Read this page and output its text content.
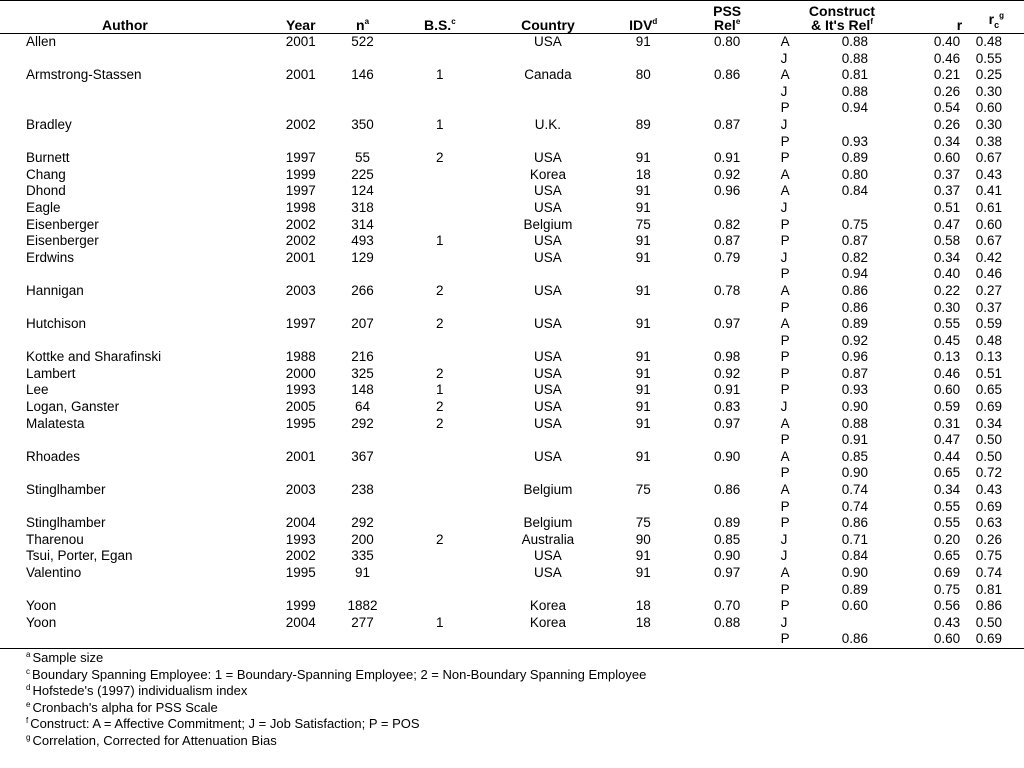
Author	Year	$n^a$	B.S.$^c$	Country	IDV$^d$	PSS
Rel$^e$	Construct
& It's Rel$^f$		r	$r_c^g$
Allen	2001	522		USA	91	0.80	A	0.88	0.40	0.48
							J	0.88	0.46	0.55
Armstrong-Stassen	2001	146	1	Canada	80	0.86	A	0.81	0.21	0.25
							J	0.88	0.26	0.30
							P	0.94	0.54	0.60
Bradley	2002	350	1	U.K.	89	0.87	J		0.26	0.30
							P	0.93	0.34	0.38
Burnett	1997	55	2	USA	91	0.91	P	0.89	0.60	0.67
Chang	1999	225		Korea	18	0.92	A	0.80	0.37	0.43
Dhond	1997	124		USA	91	0.96	A	0.84	0.37	0.41
Eagle	1998	318		USA	91		J		0.51	0.61
Eisenberger	2002	314		Belgium	75	0.82	P	0.75	0.47	0.60
Eisenberger	2002	493	1	USA	91	0.87	P	0.87	0.58	0.67
Erdwins	2001	129		USA	91	0.79	J	0.82	0.34	0.42
							P	0.94	0.40	0.46
Hannigan	2003	266	2	USA	91	0.78	A	0.86	0.22	0.27
							P	0.86	0.30	0.37
Hutchison	1997	207	2	USA	91	0.97	A	0.89	0.55	0.59
							P	0.92	0.45	0.48
Kottke and Sharafinski	1988	216		USA	91	0.98	P	0.96	0.13	0.13
Lambert	2000	325	2	USA	91	0.92	P	0.87	0.46	0.51
Lee	1993	148	1	USA	91	0.91	P	0.93	0.60	0.65
Logan, Ganster	2005	64	2	USA	91	0.83	J	0.90	0.59	0.69
Malatesta	1995	292	2	USA	91	0.97	A	0.88	0.31	0.34
							P	0.91	0.47	0.50
Rhoades	2001	367		USA	91	0.90	A	0.85	0.44	0.50
							P	0.90	0.65	0.72
Stinglhamber	2003	238		Belgium	75	0.86	A	0.74	0.34	0.43
							P	0.74	0.55	0.69
Stinglhamber	2004	292		Belgium	75	0.89	P	0.86	0.55	0.63
Tharenou	1993	200	2	Australia	90	0.85	J	0.71	0.20	0.26
Tsui, Porter, Egan	2002	335		USA	91	0.90	J	0.84	0.65	0.75
Valentino	1995	91		USA	91	0.97	A	0.90	0.69	0.74
							P	0.89	0.75	0.81
Yoon	1999	1882		Korea	18	0.70	P	0.60	0.56	0.86
Yoon	2004	277	1	Korea	18	0.88	J		0.43	0.50
							P	0.86	0.60	0.69
$^a$ Sample size
$^c$ Boundary Spanning Employee: 1 = Boundary-Spanning Employee; 2 = Non-Boundary Spanning Employee
$^d$ Hofstede's (1997) individualism index
$^e$ Cronbach's alpha for PSS Scale
$^f$ Construct: A = Affective Commitment; J = Job Satisfaction; P = POS
$^g$ Correlation, Corrected for Attenuation Bias
